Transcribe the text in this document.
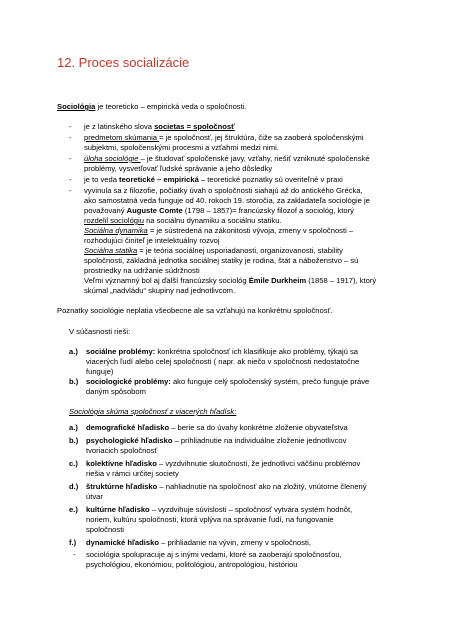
12. Proces socializácie
Sociológia je teoreticko – empirická veda o spoločnosti.
- je z latinského slova societas = spoločnosť
- predmetom skúmania = je spoločnosť, jej štruktúra, čiže sa zaoberá spoločenskými
subjektmi, spoločenskými procesmi a vzťahmi medzi nimi.
- úloha sociológie – je študovať spoločenské javy, vzťahy, riešiť vzniknuté spoločenské
problémy, vysvetľovať ľudské správanie a jeho dôsledky
- je to veda teoretické – empirická – teoretické poznatky sú overiteľné v praxi
- vyvinula sa z filozofie, počiatky úvah o spoločnosti siahajú až do antického Grécka,
ako samostatná veda funguje od 40. rokoch 19. storočia, za zakladateľa sociológie je
považovaný Auguste Comte (1798 – 1857)= francúzsky filozof a sociológ, ktorý
rozdelil sociológiu na sociálnu dynamiku a sociálnu statiku.
Sociálna dynamika = je sústredená na zákonitosti vývoja, zmeny v spoločnosti –
rozhodujúci činiteľ je intelektuálny rozvoj
Sociálna statika = je teória sociálnej usporiadanosti, organizovanosti, stability
spoločnosti, základná jednotka sociálnej statiky je rodina, štát a náboženstvo – sú
prostriedky na udržanie súdržnosti
Veľmi významný bol aj ďalší francúzsky sociológ Émile Durkheim (1858 – 1917), ktorý
skúmal „nadvládu“ skupiny nad jednotlivcom.
Poznatky sociológie neplatia všeobecne ale sa vzťahujú na konkrétnu spoločnosť.
V súčasnosti rieši:
a.) sociálne problémy: konkrétna spoločnosť ich klasifikuje ako problémy, týkajú sa
viacerých ľudí alebo celej spoločnosti ( napr. ak niečo v spoločnosti nedostatočne
funguje)
b.) sociologické problémy: ako funguje celý spoločenský systém, prečo funguje práve
daným spôsobom
Sociológia skúma spoločnosť z viacerých hľadísk:
a.) demografické hľadisko – berie sa do úvahy konkrétne zloženie obyvateľstva
b.) psychologické hľadisko – prihliadnutie na individuálne zloženie jednotlivcov
tvoriacich spoločnosť
c.) kolektívne hľadisko – vyzdvihnutie skutočnosti, že jednotlivci väčšinu problémov
riešia v rámci určitej society
d.) štruktúrne hľadisko – nahliadnutie na spoločnosť ako na zložitý, vnútorne členený
útvar
e.) kultúrne hľadisko – vyzdvihuje súvislosti – spoločnosť vytvára systém hodnôt,
noriem, kultúru spoločnosti, ktorá vplýva na správanie ľudí, na fungovanie
spoločnosti
f.) dynamické hľadisko – prihliadanie na vývin, zmeny v spoločnosti,
- sociológia spolupracuje aj s inými vedami, ktoré sa zaoberajú spoločnosťou,
psychológiou, ekonómiou, politológiou, antropológiou, históriou
